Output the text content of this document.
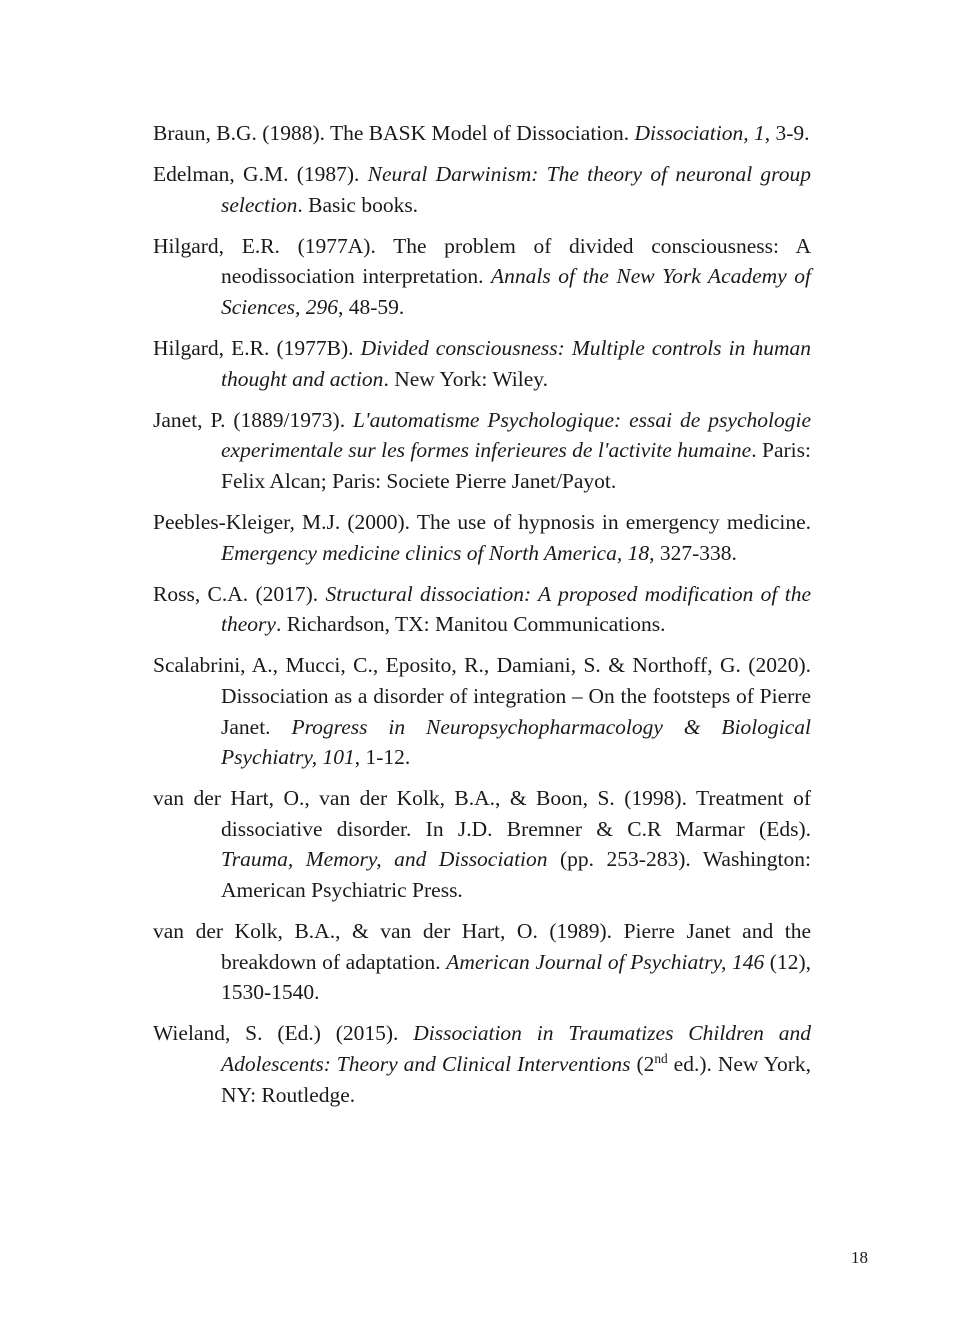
Braun, B.G. (1988). The BASK Model of Dissociation. Dissociation, 1, 3-9.
Edelman, G.M. (1987). Neural Darwinism: The theory of neuronal group selection. Basic books.
Hilgard, E.R. (1977A). The problem of divided consciousness: A neodissociation interpretation. Annals of the New York Academy of Sciences, 296, 48-59.
Hilgard, E.R. (1977B). Divided consciousness: Multiple controls in human thought and action. New York: Wiley.
Janet, P. (1889/1973). L'automatisme Psychologique: essai de psychologie experimentale sur les formes inferieures de l'activite humaine. Paris: Felix Alcan; Paris: Societe Pierre Janet/Payot.
Peebles-Kleiger, M.J. (2000). The use of hypnosis in emergency medicine. Emergency medicine clinics of North America, 18, 327-338.
Ross, C.A. (2017). Structural dissociation: A proposed modification of the theory. Richardson, TX: Manitou Communications.
Scalabrini, A., Mucci, C., Eposito, R., Damiani, S. & Northoff, G. (2020). Dissociation as a disorder of integration – On the footsteps of Pierre Janet. Progress in Neuropsychopharmacology & Biological Psychiatry, 101, 1-12.
van der Hart, O., van der Kolk, B.A., & Boon, S. (1998). Treatment of dissociative disorder. In J.D. Bremner & C.R Marmar (Eds). Trauma, Memory, and Dissociation (pp. 253-283). Washington: American Psychiatric Press.
van der Kolk, B.A., & van der Hart, O. (1989). Pierre Janet and the breakdown of adaptation. American Journal of Psychiatry, 146 (12), 1530-1540.
Wieland, S. (Ed.) (2015). Dissociation in Traumatizes Children and Adolescents: Theory and Clinical Interventions (2nd ed.). New York, NY: Routledge.
18
